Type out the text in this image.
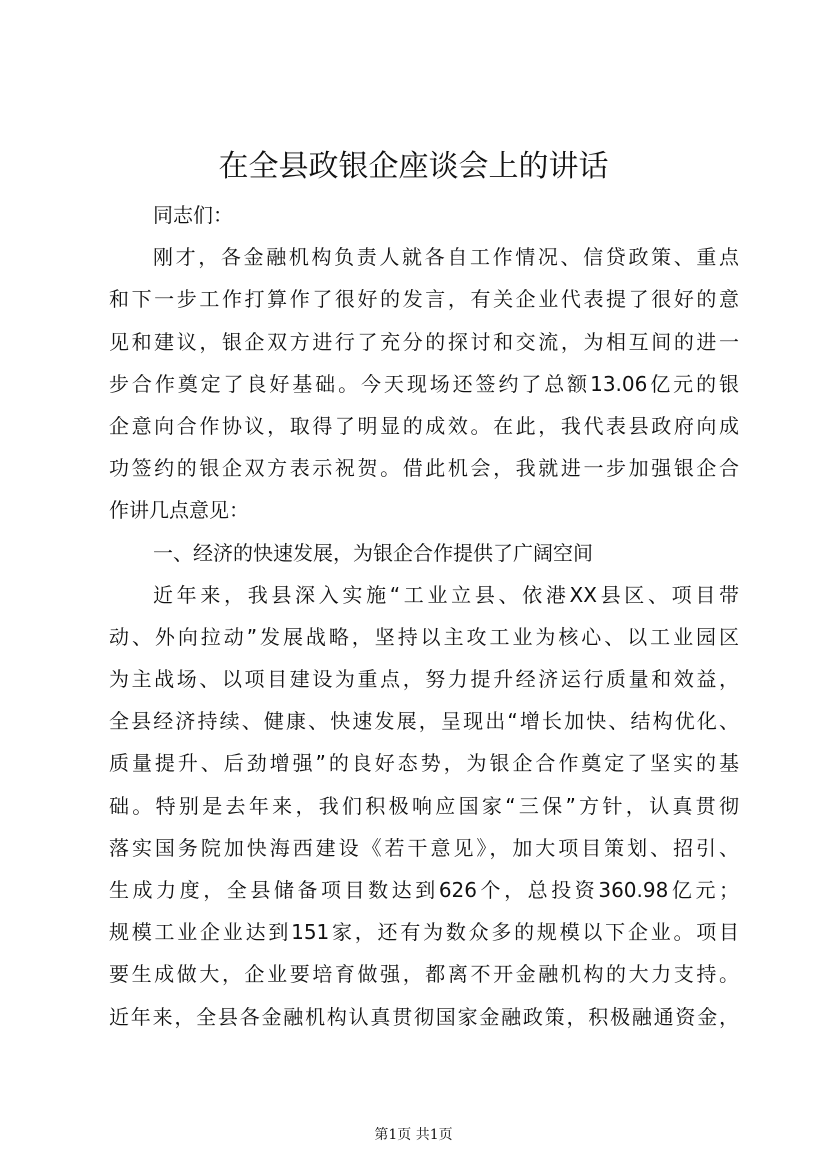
在全县政银企座谈会上的讲话
同志们：
刚才，各金融机构负责人就各自工作情况、信贷政策、重点
和下一步工作打算作了很好的发言，有关企业代表提了很好的意
见和建议，银企双方进行了充分的探讨和交流，为相互间的进一
步合作奠定了良好基础。今天现场还签约了总额13.06亿元的银
企意向合作协议，取得了明显的成效。在此，我代表县政府向成
功签约的银企双方表示祝贺。借此机会，我就进一步加强银企合
作讲几点意见：
一、经济的快速发展，为银企合作提供了广阔空间
近年来，我县深入实施“工业立县、依港XX县区、项目带
动、外向拉动”发展战略，坚持以主攻工业为核心、以工业园区
为主战场、以项目建设为重点，努力提升经济运行质量和效益，
全县经济持续、健康、快速发展，呈现出“增长加快、结构优化、
质量提升、后劲增强”的良好态势，为银企合作奠定了坚实的基
础。特别是去年来，我们积极响应国家“三保”方针，认真贯彻
落实国务院加快海西建设《若干意见》，加大项目策划、招引、
生成力度，全县储备项目数达到626个，总投资360.98亿元；
规模工业企业达到151家，还有为数众多的规模以下企业。项目
要生成做大，企业要培育做强，都离不开金融机构的大力支持。
近年来，全县各金融机构认真贯彻国家金融政策，积极融通资金，
第1页 共1页
